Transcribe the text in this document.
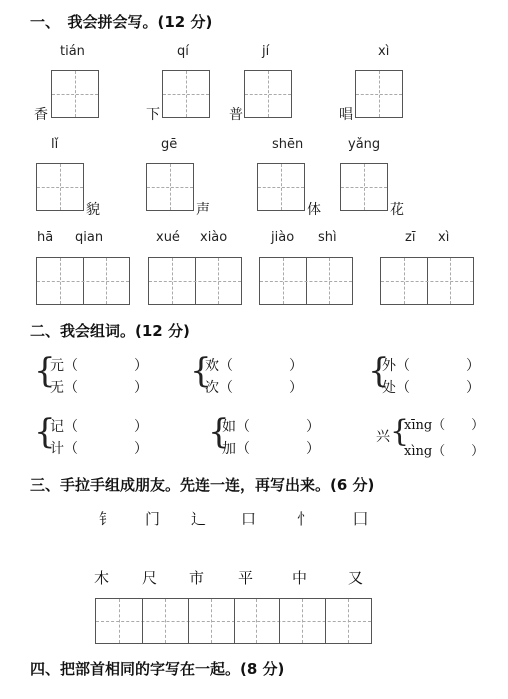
一、　我会拼会写。(12 分)
tián	qí	jí	xì
香	下	普	唱
lǐ	gē	shēn	yǎng
貌	声	体	花
hā qian	xué xiào	jiào shì	zī xì
二、我会组词。(12 分)
{
元（　　　　）
无（　　　　） {
欢（　　　　）
次（　　　　） {
外（　　　　）
处（　　　　）
{
记（　　　　）
计（　　　　） {
如（　　　　）
加（　　　　）
兴 {
xīng（　　）
xìng（　　）
三、手拉手组成朋友。先连一连，再写出来。(6 分)
钅 门 辶 口	忄	囗
木 尺 市 平	中	又
四、把部首相同的字写在一起。(8 分)
